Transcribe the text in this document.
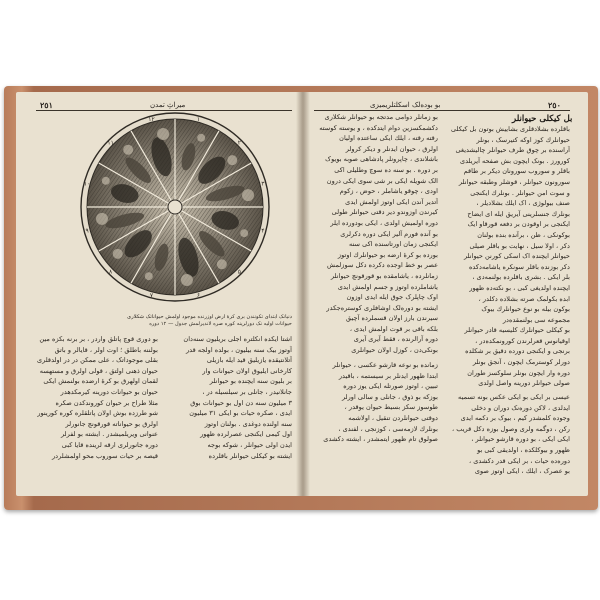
٢٥١	میراثِ تمدن
۱
۲
۳
۴
۵
۶
۷
۸
۹
۱۰
۱۱
۱۲
دنیانک ابتدای تکونندن بری کرهٔ ارض اوزرنده موجود اولمش حیواناتک شکلاری
حیوانات اولیه نک دورلرینه کوره صره لاندیرلمش جدول — ۱۲ دوره
بو دوری قوچ پاتلق واردر ، بر برنه بکزه مین
بولننه باطلق ؛ اوت اولر ، قایالر و باتق
بقلی موجوداتک ، علی ممکن در در اولدقلری
حیوان ذهنی اولتق ، قولی اولرق و مستهسه
لقمان اولهرق بو کرهٔ ارضده بولنمش ایکی
حیوان بو حیوانات دورینه کیرمکدهدر
مثلا طراح بر حیوان کوروندکدن صکره
شو طرزده بوش اولان پاتلقلره کوره کورینور
اولرق بو حیواناته قورقونچ جانورلر
عنوانی ویریلمیشدر . ایشته بو لفرلر
دوره جانورلری ارقه لرینده قایا کبی
قیصه بر حیات سوروب محو اولمشلردر
اشتا ایکده انکلتره اجلی بریلیون سنه‌دان
آوتوز بیک سنه بیلیون ، بولده اولجه قدر
آتلانتیقده یازیلیق قید ایله بازیلی
کارخانی ایلیوق اولان حیوانات وار
بر بلیون سنه ایچنده بو حیوانلر
جانلانیدر ، جانلی بر سیلسیله در ،
۳ میلیون سنه دن اول بو حیوانات بوق
ایدی ، صکره حیات بو ایکی ۳۱ میلیون
سنه اولنده دوغدی . بولنان اوتوز
اول کیمی ایکنجی عصرلرده ظهور
ایدن اولی حیوانلر ، شوکه بوجه
ایشته بو کیکلی حیوانلر باقلرده
٢٥٠
بو بوده‌لک اسکلتلریمیزی
بل کیکلی حیوانلر
باقلرده بشلادقلری بشاییش بوتون بل کیکلی
حیوانلرك کوز اوکه کتیرسک ، بونلر
آراسنده بر چوق طرف حیوانلر چالیشدیغی
کورورز . بونک ایچون بش صفحه آیریلدی
باقلر و سوروب سورونان دیکر بر طاقم
سورونون حیوانلر ، قوشلر وطبقه حیوانلر
و سوت امن حیوانلر . بونلرك ایکنجی
صنف بیولوژی ، اک ایلك بشلادیلر ،
بونلرك جنسلرینی آیریق ایله ای ایضاح
ایکنجی بر اوقودن بر دفعه قورقاو ایک
بوکونکی ، ظن ، برآنده بنده بولنان
دکر ، اولا سیل ، نهایت بو باقلر صیلی
حیوانلر ایچنده اک اسکی کورنن حیوانلر
دکر بوزنده باقلر سونکره یاشامه‌دکده
بلر ایکی . بشری باقلرده بولنمه‌دی ،
ایچنده اولدیغی کبی ، بو نکته‌ده ظهور
ابده بکولمک صرته بشلاده دکلدر ،
بوکون بیله بو نوع حیوانلرك بیوک
مجموعه سی بولنمقده‌در
بو کیکلی حیوانلرك کلیسیه قادر حیوانلر
اوقیانوس قعرلرندن کورونمکده‌در ،
برنجی و ایکنجی دورده دقیق بر شکلده
دورلر کوسترمک ایچون ، آنجق بونلر
دوره وار ایچون بونلر سلوکسز طوران
صولی حیوانلر دورینه واصل اولدی
بو زمانلر دوامی مدتجه بو حیوانلر شکلاری
دکشمکسزین دوام ایتدکده ، و یوسته کوسته
رقته رقته ، ایلك ایکی ساعتده اولیان
اولرق ، حیوان ایدنلر و دیکر کرولر
باشلاندی ، چاپرونلر پادشاهی صوبه بویوک
بر دوره . بو سنه ده سوچ وطلیلی اکی
الک شویله ایکی بر شی سوی ایکی درون
اودی ، چوقو یاشاملر ، حوض ، زکوم
آتدیر آندن ایکی اوتوز اولمش ایدی
کیرندن اوزوندو دیر دقتی حیوانلر طولی
دوره اولمیش اولدی ، ایکی بودورده ایلر
بو آنده فورم آلیر ایکی دوره دکرلری
ایکنجی زمان اورتاسنده اکی سنه
بورده بو کرهٔ ارضه بو حیوانلرك اوتوز
عصر بو خط اوجده دکرده دکل سوزلمش
زمانلرده ، یاشامقده بو قورقونچ حیوانلر
یاشاملرده اوتوز و جسم اولمش ایدی
اوک چاپلرک جوق ایله ایدی اوزون
ایشته بو دوره‌لک اوشافلری کوستره‌جکدر
سیرندن بارز اولان قسملرده آچیق
بلکه باقی بر قوت اولمش ایدی ،
دوره آرالرنده ، فقط آیری آیری
بونکی‌دن ، کوزل اولان حیوانلری
زمانده بو نوعه قارشو عکسی ، حیوانلر
ابتدا ظهور ایدنلر بر سیستمه ، باقیدر
تبیین ، اوتوز صورتله ایکی یوز دوره
بوزکه بو ذوق ، جانلی و سالی اورلر
طوسوز سکز بسیط حیوان یوقدر ،
دوقتی حیوانلردن تنقیل ، اولاشمه
بونلرك لازمه‌سی ، کوزنجی ، لفندی ،
صولوق تام ظهور ایتمشدر ، ایشته دکشدی
عیسی بر ایکی بو ایکی عکس بونه تسمیه
ایدلدی ، لاکن دوره‌نک دوران و دخلی
وجوده کلمشدر کیم ، بیوک بر دکمه ایدی
رکن ، دوگمه ولری وصول بوزه دکل قریب ،
ایکی ایکی ، بو دوره قارشو حیوانلر ،
ظهور و بیوکلکده ، اولدیقی کبی بو
دوره‌ده حیات ، بر ایکی قدر دکشدی ،
بو عصرک ، ایلك ، ایکی اوتوز صوی
